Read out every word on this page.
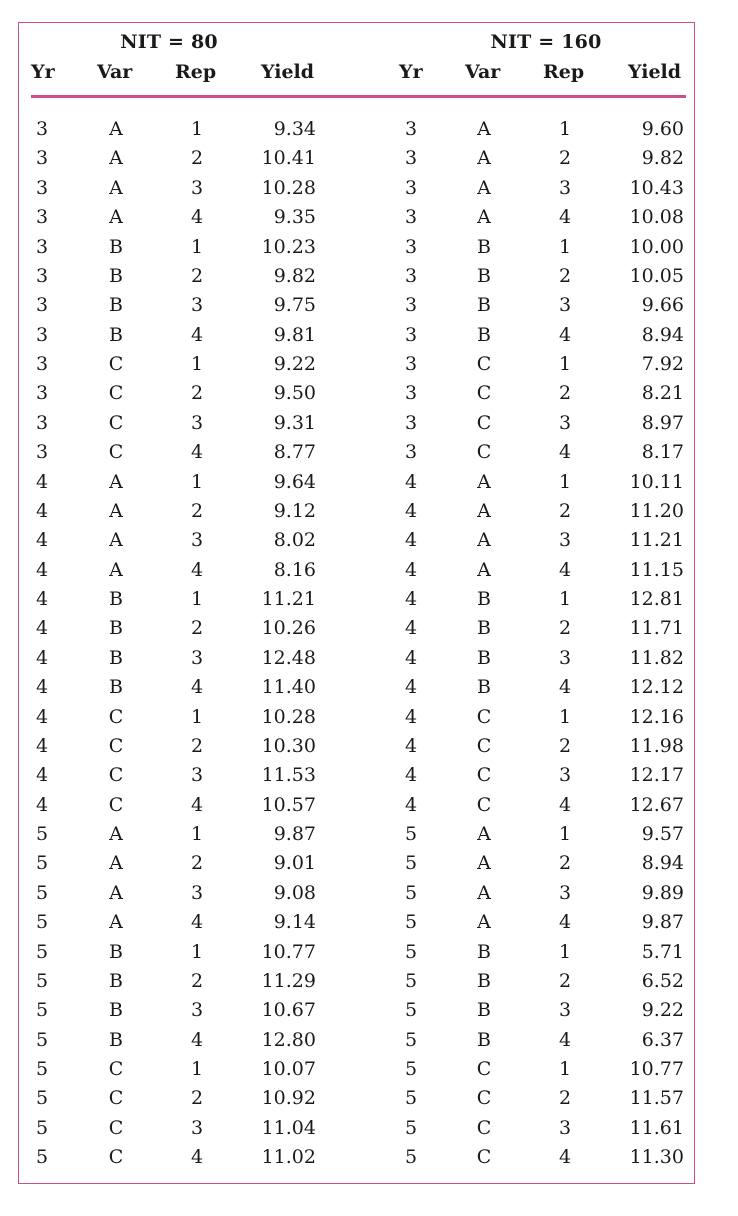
NIT = 80	NIT = 160
Yr Var Rep Yield	Yr Var Rep Yield
3	A	1	9.34	3	A	1	9.60
3	A	2	10.41	3	A	2	9.82
3	A	3	10.28	3	A	3	10.43
3	A	4	9.35	3	A	4	10.08
3	B	1	10.23	3	B	1	10.00
3	B	2	9.82	3	B	2	10.05
3	B	3	9.75	3	B	3	9.66
3	B	4	9.81	3	B	4	8.94
3	C	1	9.22	3	C	1	7.92
3	C	2	9.50	3	C	2	8.21
3	C	3	9.31	3	C	3	8.97
3	C	4	8.77	3	C	4	8.17
4	A	1	9.64	4	A	1	10.11
4	A	2	9.12	4	A	2	11.20
4	A	3	8.02	4	A	3	11.21
4	A	4	8.16	4	A	4	11.15
4	B	1	11.21	4	B	1	12.81
4	B	2	10.26	4	B	2	11.71
4	B	3	12.48	4	B	3	11.82
4	B	4	11.40	4	B	4	12.12
4	C	1	10.28	4	C	1	12.16
4	C	2	10.30	4	C	2	11.98
4	C	3	11.53	4	C	3	12.17
4	C	4	10.57	4	C	4	12.67
5	A	1	9.87	5	A	1	9.57
5	A	2	9.01	5	A	2	8.94
5	A	3	9.08	5	A	3	9.89
5	A	4	9.14	5	A	4	9.87
5	B	1	10.77	5	B	1	5.71
5	B	2	11.29	5	B	2	6.52
5	B	3	10.67	5	B	3	9.22
5	B	4	12.80	5	B	4	6.37
5	C	1	10.07	5	C	1	10.77
5	C	2	10.92	5	C	2	11.57
5	C	3	11.04	5	C	3	11.61
5	C	4	11.02	5	C	4	11.30
